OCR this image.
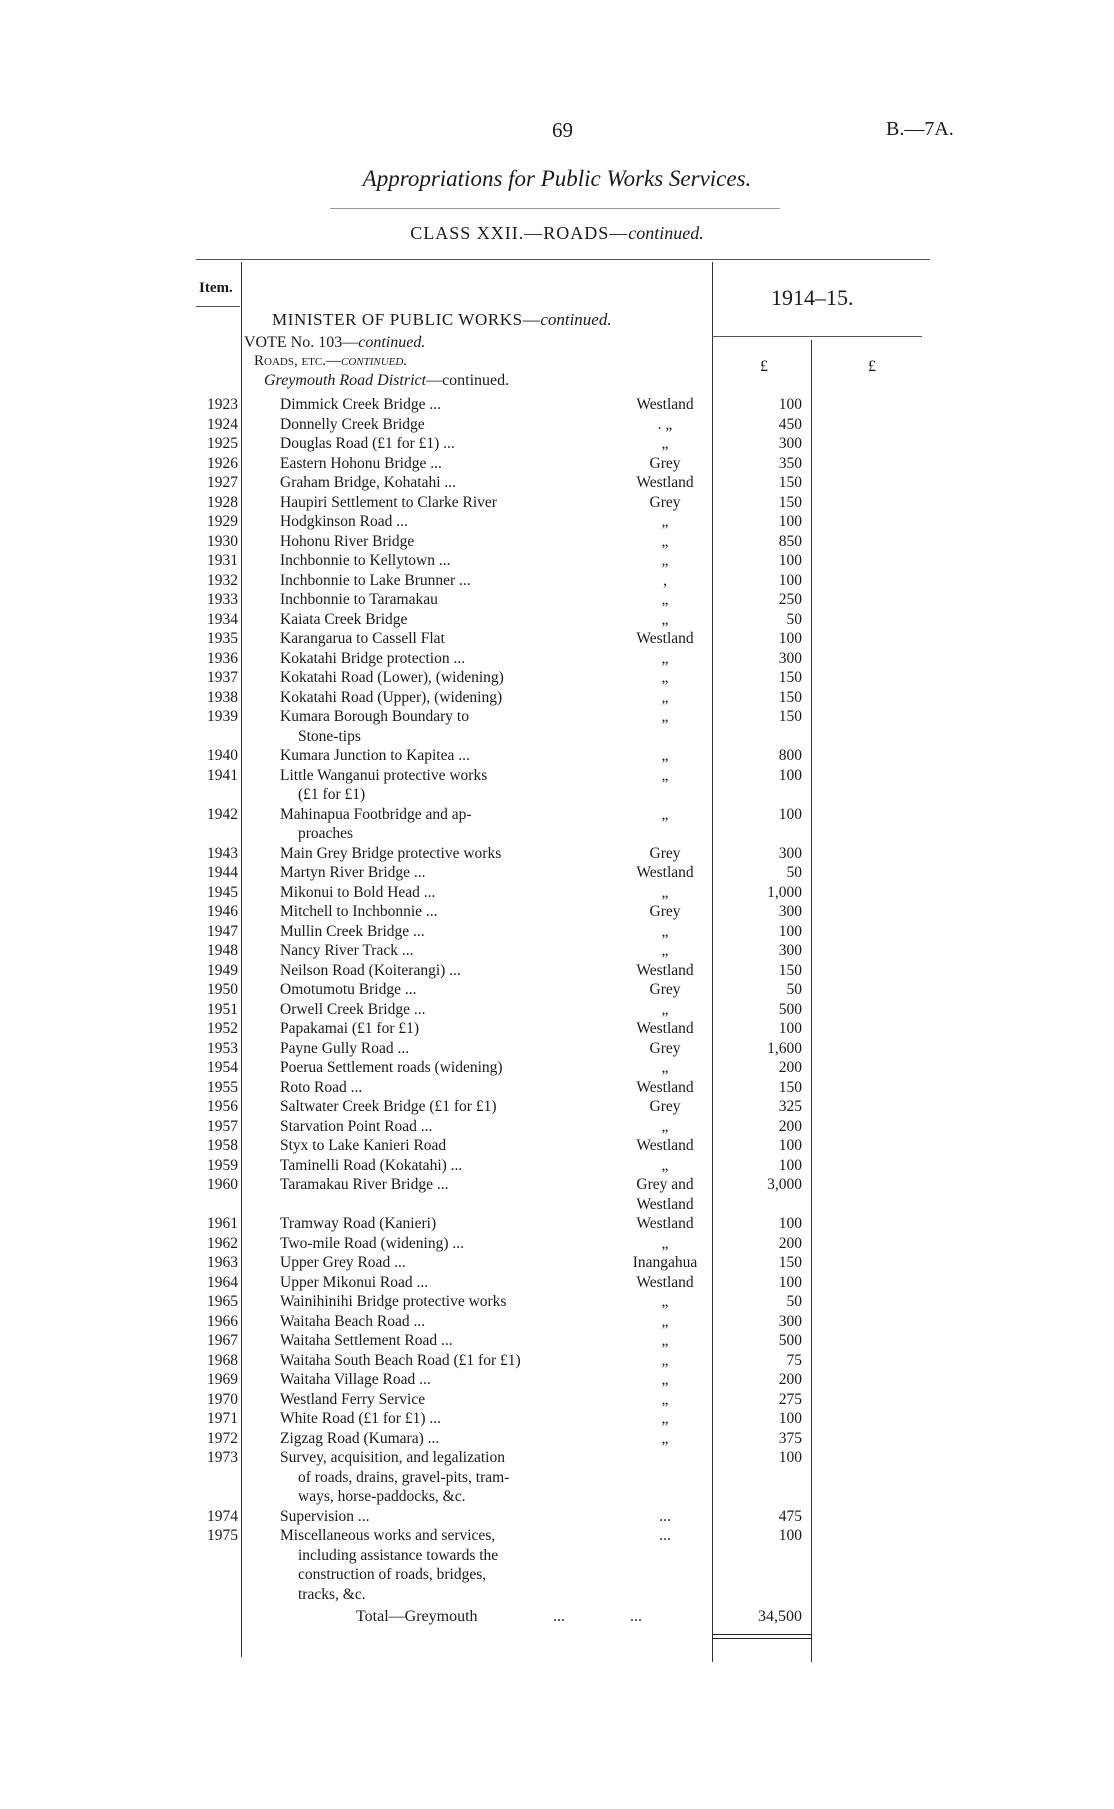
69	B.—7A.
Appropriations for Public Works Services.
CLASS XXII.—ROADS—continued.
Item.	1914–15.
£	£
MINISTER OF PUBLIC WORKS—continued.
VOTE No. 103—continued.
Roads, etc.—continued.
Greymouth Road District—continued.
1923	Dimmick Creek Bridge ...	Westland	100
1924	Donnelly Creek Bridge	. „	450
1925	Douglas Road (£1 for £1) ...	„	300
1926	Eastern Hohonu Bridge ...	Grey	350
1927	Graham Bridge, Kohatahi ...	Westland	150
1928	Haupiri Settlement to Clarke River	Grey	150
1929	Hodgkinson Road ...	„	100
1930	Hohonu River Bridge	„	850
1931	Inchbonnie to Kellytown ...	„	100
1932	Inchbonnie to Lake Brunner ...	,	100
1933	Inchbonnie to Taramakau	„	250
1934	Kaiata Creek Bridge	„	50
1935	Karangarua to Cassell Flat	Westland	100
1936	Kokatahi Bridge protection ...	„	300
1937	Kokatahi Road (Lower), (widening)	„	150
1938	Kokatahi Road (Upper), (widening)	„	150
1939	Kumara Borough Boundary to
Stone-tips
„	150
1940	Kumara Junction to Kapitea ...	„	800
1941	Little Wanganui protective works
(£1 for £1)
„	100
1942	Mahinapua Footbridge and ap-
proaches
„	100
1943	Main Grey Bridge protective works	Grey	300
1944	Martyn River Bridge ...	Westland	50
1945	Mikonui to Bold Head ...	„	1,000
1946	Mitchell to Inchbonnie ...	Grey	300
1947	Mullin Creek Bridge ...	„	100
1948	Nancy River Track ...	„	300
1949	Neilson Road (Koiterangi) ...	Westland	150
1950	Omotumotu Bridge ...	Grey	50
1951	Orwell Creek Bridge ...	„	500
1952	Papakamai (£1 for £1)	Westland	100
1953	Payne Gully Road ...	Grey	1,600
1954	Poerua Settlement roads (widening)	„	200
1955	Roto Road ...	Westland	150
1956	Saltwater Creek Bridge (£1 for £1)	Grey	325
1957	Starvation Point Road ...	„	200
1958	Styx to Lake Kanieri Road	Westland	100
1959	Taminelli Road (Kokatahi) ...	„	100
1960	Taramakau River Bridge ...	Grey and
Westland
3,000
1961	Tramway Road (Kanieri)	Westland	100
1962	Two-mile Road (widening) ...	„	200
1963	Upper Grey Road ...	Inangahua	150
1964	Upper Mikonui Road ...	Westland	100
1965	Wainihinihi Bridge protective works	„	50
1966	Waitaha Beach Road ...	„	300
1967	Waitaha Settlement Road ...	„	500
1968	Waitaha South Beach Road (£1 for £1)	„	75
1969	Waitaha Village Road ...	„	200
1970	Westland Ferry Service	„	275
1971	White Road (£1 for £1) ...	„	100
1972	Zigzag Road (Kumara) ...	„	375
1973	Survey, acquisition, and legalization
of roads, drains, gravel-pits, tram-
ways, horse-paddocks, &c.
100
1974	Supervision ...	...	475
1975	Miscellaneous works and services,
including assistance towards the
construction of roads, bridges,
tracks, &c.
...	100
Total—Greymouth	...	...	34,500
